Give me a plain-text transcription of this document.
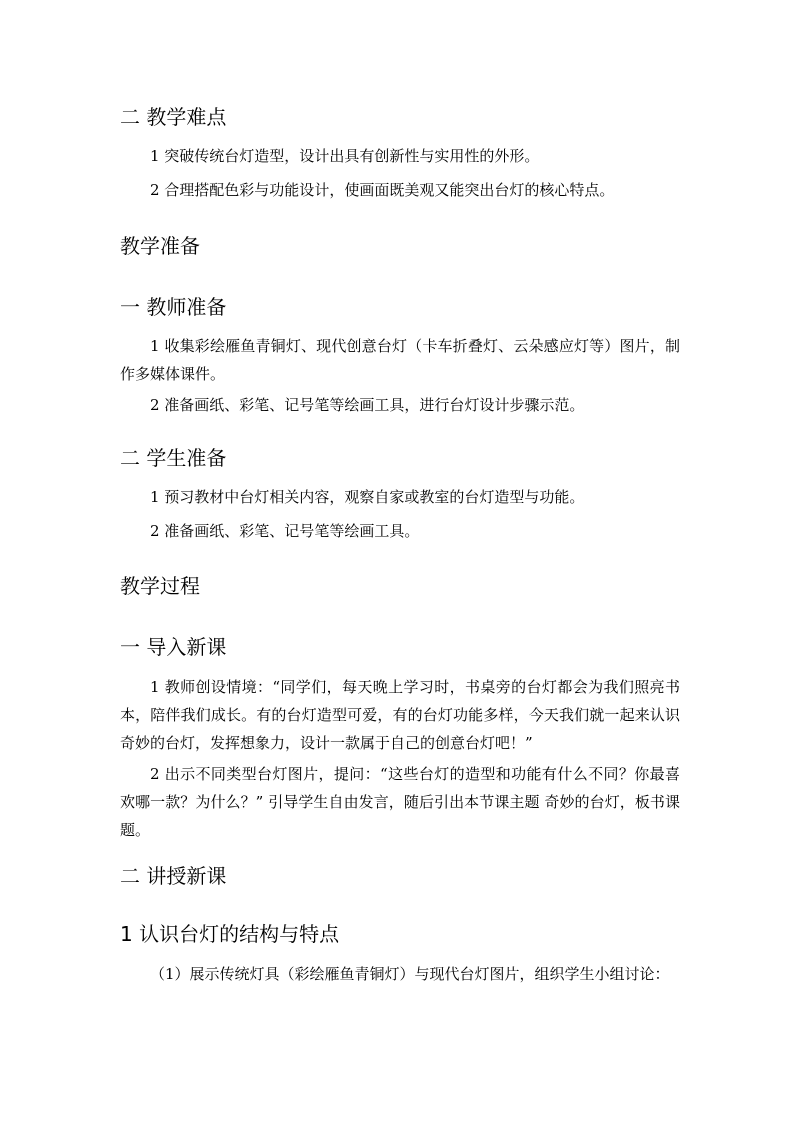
二 教学难点
1 突破传统台灯造型，设计出具有创新性与实用性的外形。
2 合理搭配色彩与功能设计，使画面既美观又能突出台灯的核心特点。
教学准备
一 教师准备
1 收集彩绘雁鱼青铜灯、现代创意台灯（卡车折叠灯、云朵感应灯等）图片，制作多媒体课件。
2 准备画纸、彩笔、记号笔等绘画工具，进行台灯设计步骤示范。
二 学生准备
1 预习教材中台灯相关内容，观察自家或教室的台灯造型与功能。
2 准备画纸、彩笔、记号笔等绘画工具。
教学过程
一 导入新课
1 教师创设情境：“同学们，每天晚上学习时，书桌旁的台灯都会为我们照亮书本，陪伴我们成长。有的台灯造型可爱，有的台灯功能多样，今天我们就一起来认识奇妙的台灯，发挥想象力，设计一款属于自己的创意台灯吧！”
2 出示不同类型台灯图片，提问：“这些台灯的造型和功能有什么不同？你最喜欢哪一款？为什么？” 引导学生自由发言，随后引出本节课主题 奇妙的台灯，板书课题。
二 讲授新课
1 认识台灯的结构与特点
（1）展示传统灯具（彩绘雁鱼青铜灯）与现代台灯图片，组织学生小组讨论：
